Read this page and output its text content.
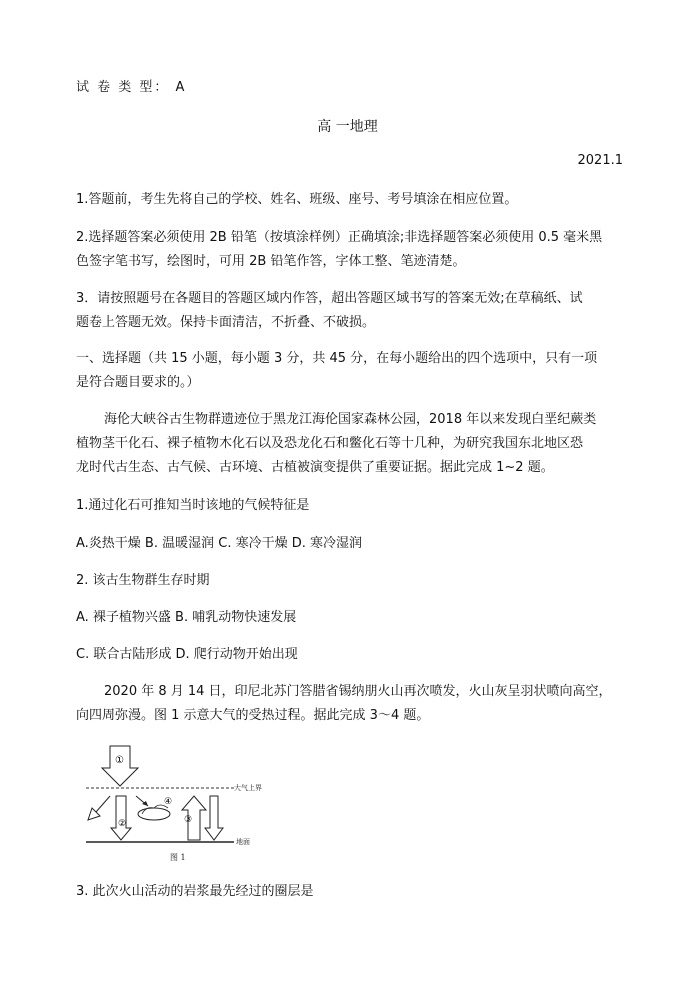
试 卷 类 型： A
高 一地理
2021.1
1.答题前，考生先将自己的学校、姓名、班级、座号、考号填涂在相应位置。
2.选择题答案必须使用 2B 铅笔（按填涂样例）正确填涂;非选择题答案必须使用 0.5 毫米黑
色签字笔书写，绘图时，可用 2B 铅笔作答，字体工整、笔迹清楚。
3．请按照题号在各题目的答题区域内作答，超出答题区域书写的答案无效;在草稿纸、试
题卷上答题无效。保持卡面清洁，不折叠、不破损。
一、选择题（共 15 小题，每小题 3 分，共 45 分，在每小题给出的四个选项中，只有一项
是符合题目要求的。）
海伦大峡谷古生物群遗迹位于黑龙江海伦国家森林公园，2018 年以来发现白垩纪蕨类
植物茎干化石、裸子植物木化石以及恐龙化石和鳖化石等十几种，为研究我国东北地区恐
龙时代古生态、古气候、古环境、古植被演变提供了重要证据。据此完成 1~2 题。
1.通过化石可推知当时该地的气候特征是
A.炎热干燥 B. 温暖湿润 C. 寒冷干燥 D. 寒冷湿润
2. 该古生物群生存时期
A. 裸子植物兴盛 B. 哺乳动物快速发展
C. 联合古陆形成 D. 爬行动物开始出现
2020 年 8 月 14 日，印尼北苏门答腊省锡纳朋火山再次喷发，火山灰呈羽状喷向高空，
向四周弥漫。图 1 示意大气的受热过程。据此完成 3～4 题。
大气上界
地面
①
②
④
③
图 1
3. 此次火山活动的岩浆最先经过的圈层是
